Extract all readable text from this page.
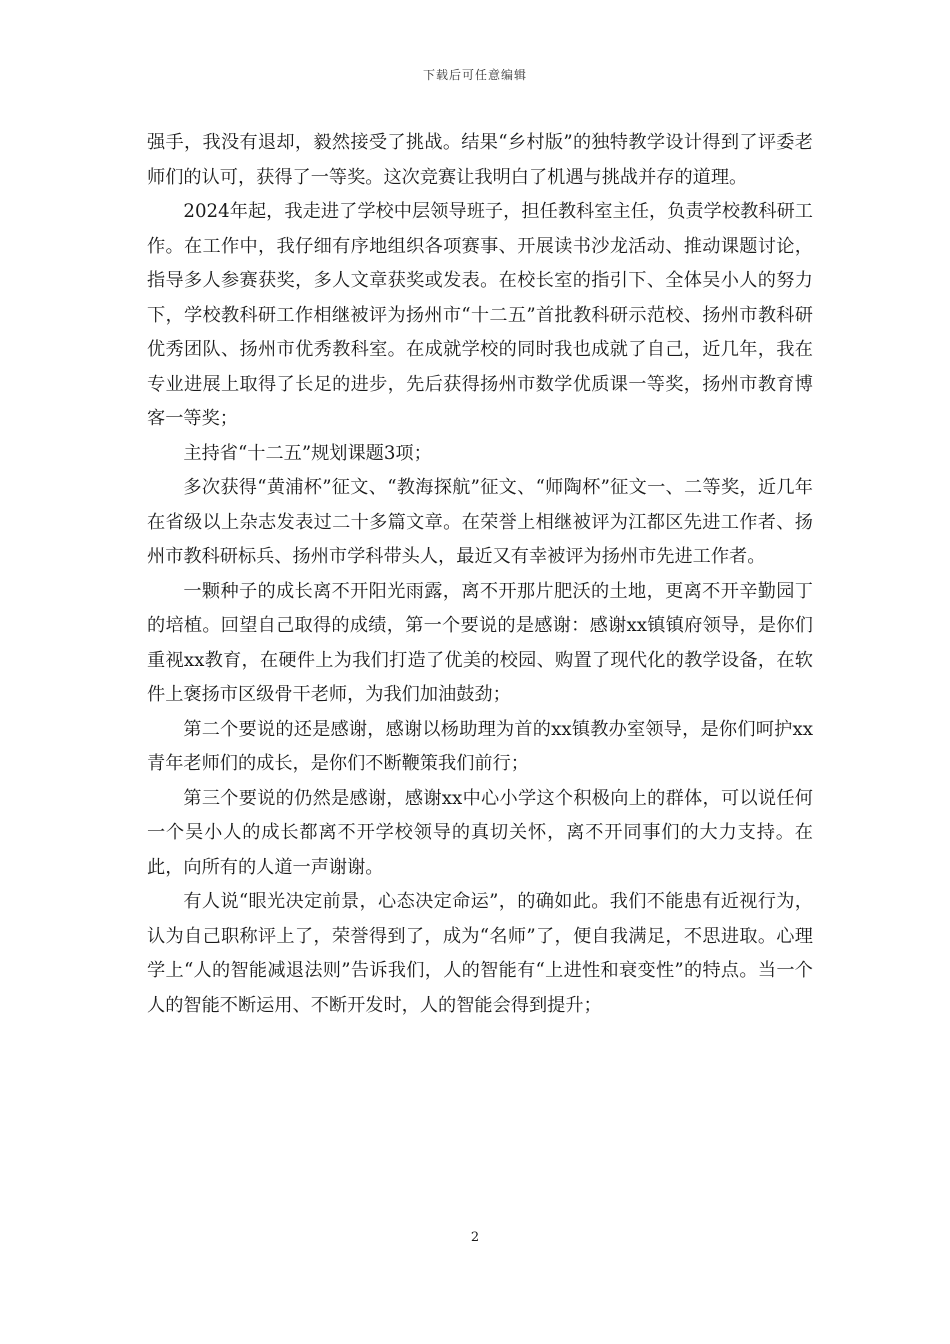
下载后可任意编辑

强手，我没有退却，毅然接受了挑战。结果“乡村版”的独特教学设计得到了评委老师们的认可，获得了一等奖。这次竞赛让我明白了机遇与挑战并存的道理。

2024年起，我走进了学校中层领导班子，担任教科室主任，负责学校教科研工作。在工作中，我仔细有序地组织各项赛事、开展读书沙龙活动、推动课题讨论，指导多人参赛获奖，多人文章获奖或发表。在校长室的指引下、全体吴小人的努力下，学校教科研工作相继被评为扬州市“十二五”首批教科研示范校、扬州市教科研优秀团队、扬州市优秀教科室。在成就学校的同时我也成就了自己，近几年，我在专业进展上取得了长足的进步，先后获得扬州市数学优质课一等奖，扬州市教育博客一等奖；

主持省“十二五”规划课题3项；

多次获得“黄浦杯”征文、“教海探航”征文、“师陶杯”征文一、二等奖，近几年在省级以上杂志发表过二十多篇文章。在荣誉上相继被评为江都区先进工作者、扬州市教科研标兵、扬州市学科带头人，最近又有幸被评为扬州市先进工作者。

一颗种子的成长离不开阳光雨露，离不开那片肥沃的土地，更离不开辛勤园丁的培植。回望自己取得的成绩，第一个要说的是感谢：感谢xx镇镇府领导，是你们重视xx教育，在硬件上为我们打造了优美的校园、购置了现代化的教学设备，在软件上褒扬市区级骨干老师，为我们加油鼓劲；

第二个要说的还是感谢，感谢以杨助理为首的xx镇教办室领导，是你们呵护xx青年老师们的成长，是你们不断鞭策我们前行；

第三个要说的仍然是感谢，感谢xx中心小学这个积极向上的群体，可以说任何一个吴小人的成长都离不开学校领导的真切关怀，离不开同事们的大力支持。在此，向所有的人道一声谢谢。

有人说“眼光决定前景，心态决定命运”，的确如此。我们不能患有近视行为，认为自己职称评上了，荣誉得到了，成为“名师”了，便自我满足，不思进取。心理学上“人的智能减退法则”告诉我们，人的智能有“上进性和衰变性”的特点。当一个人的智能不断运用、不断开发时，人的智能会得到提升；

2
